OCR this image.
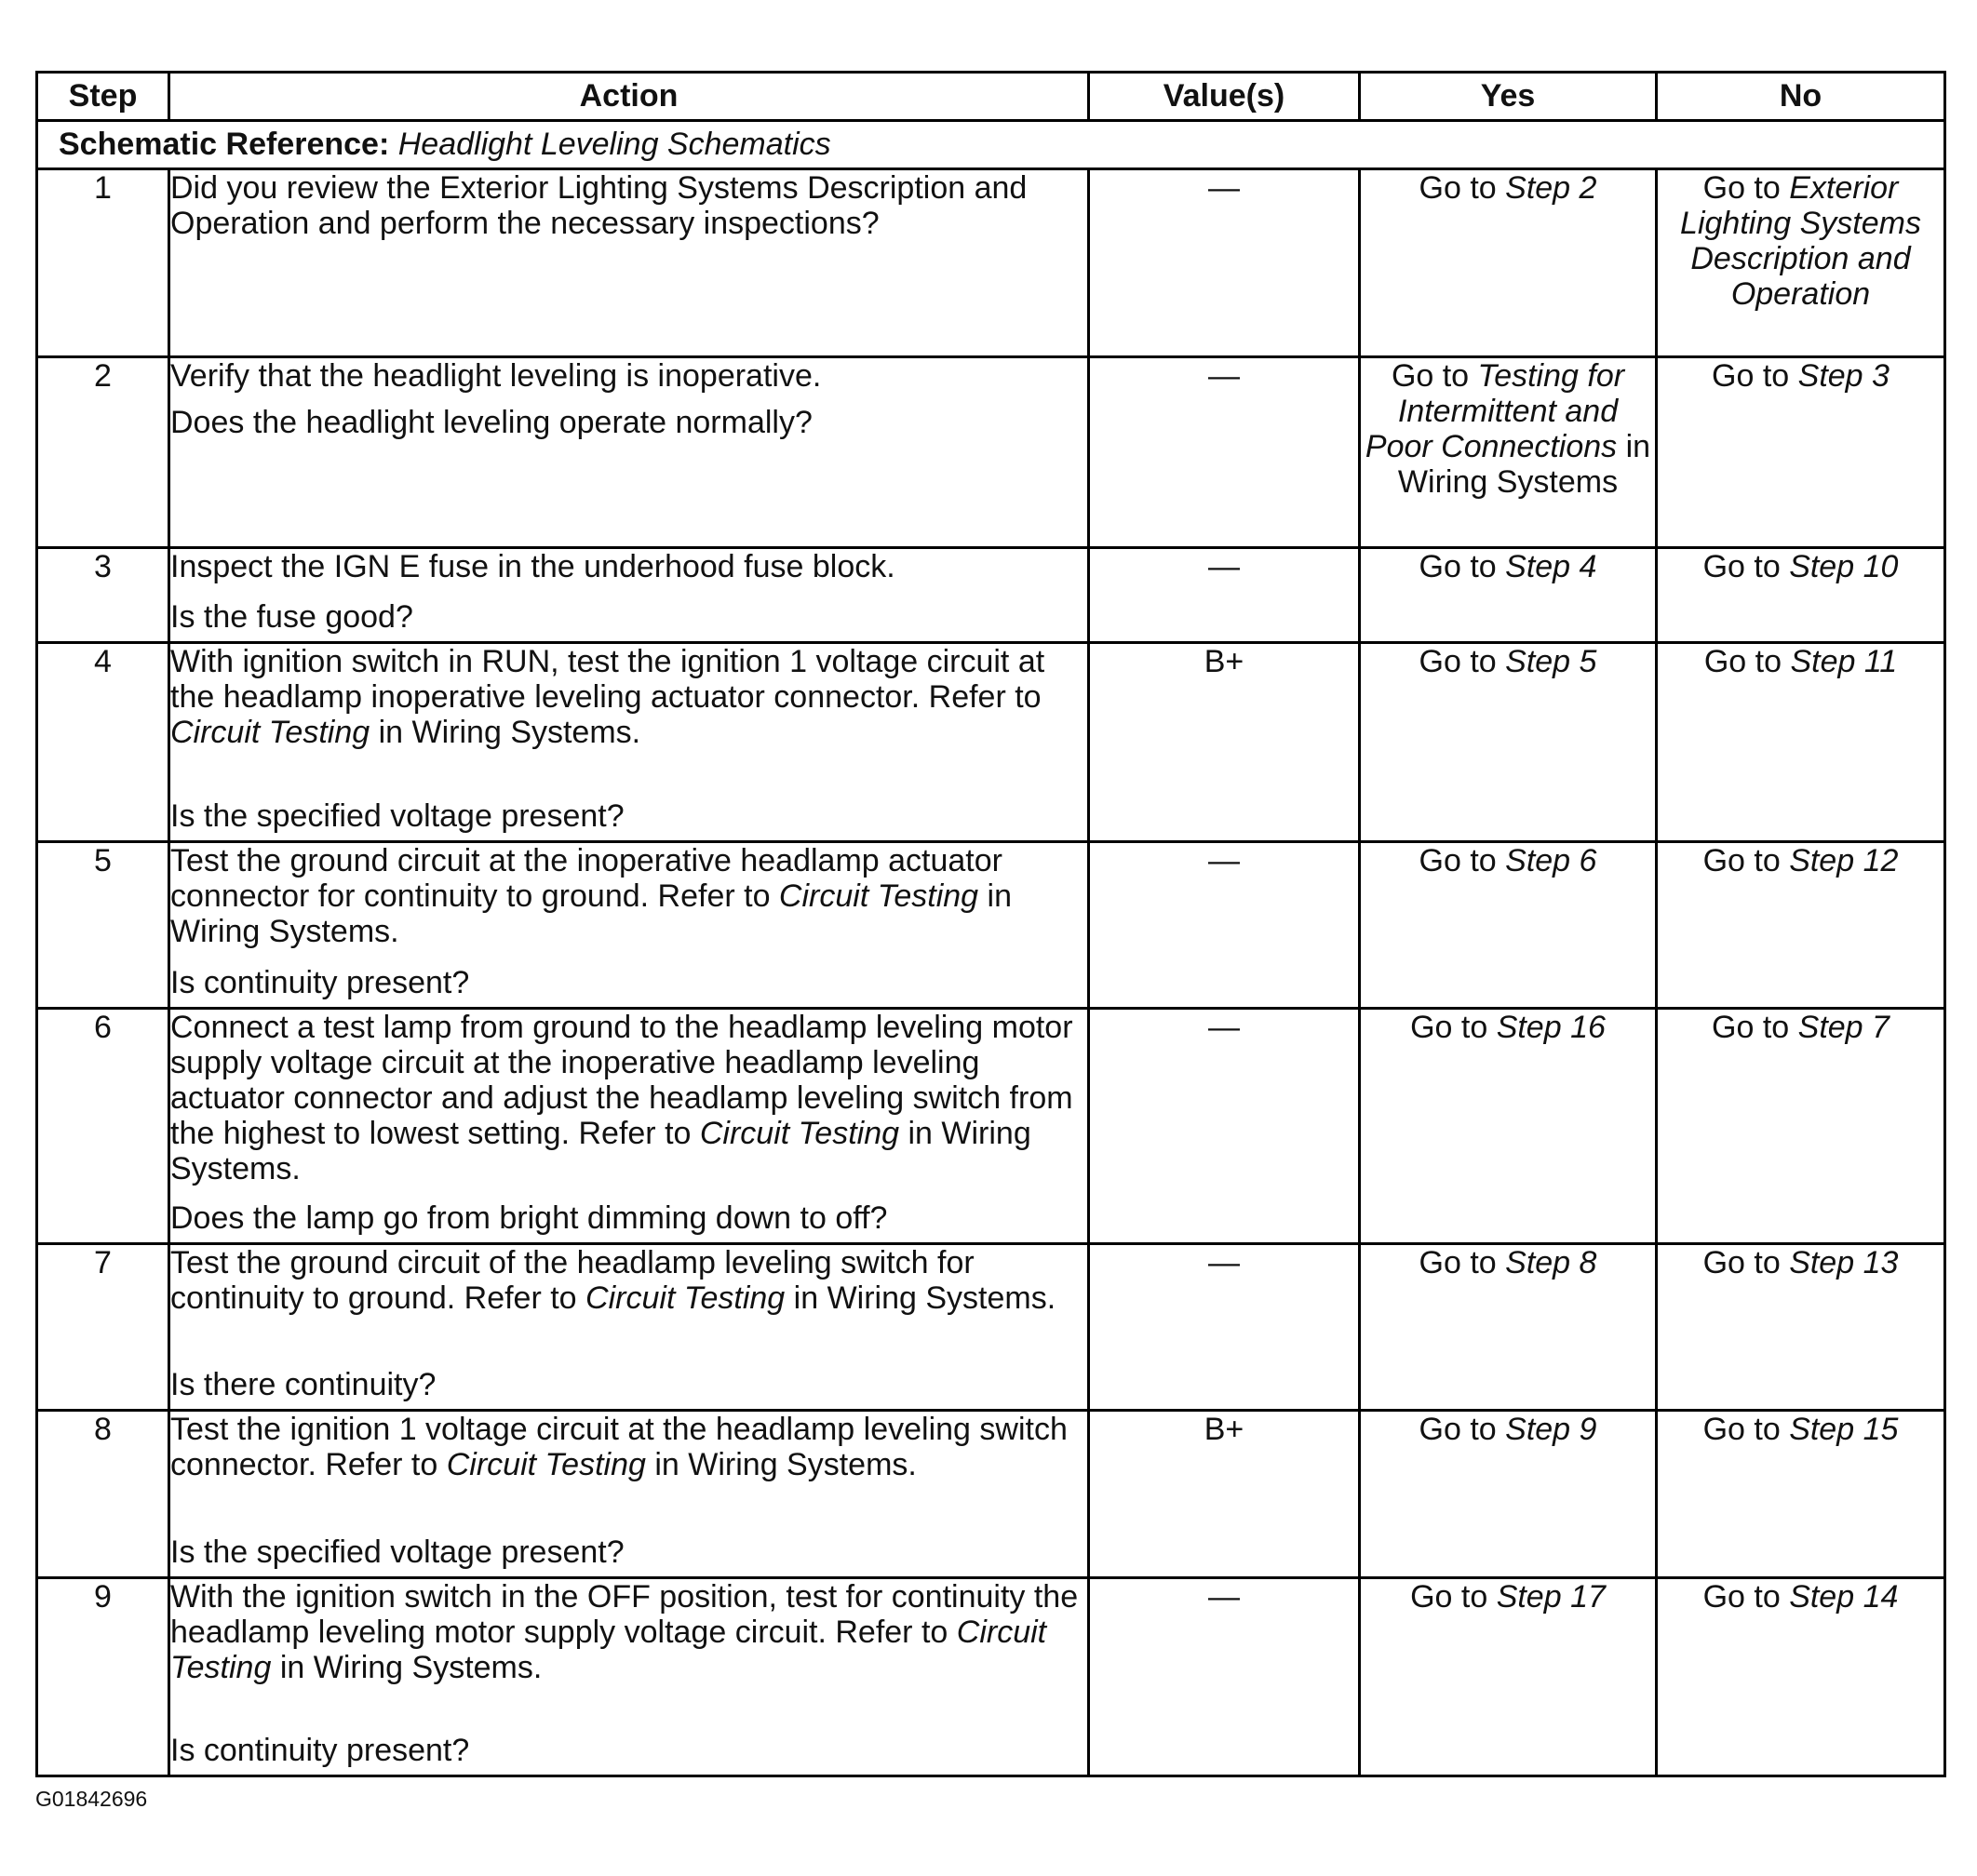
Step	Action	Value(s)	Yes	No
Schematic Reference: Headlight Leveling Schematics				
1	Did you review the Exterior Lighting Systems Description and Operation and perform the necessary inspections?	—	Go to Step 2	Go to Exterior Lighting Systems Description and Operation
2	Verify that the headlight leveling is inoperative.

Does the headlight leveling operate normally?	—	Go to Testing for Intermittent and Poor Connections in Wiring Systems	Go to Step 3
3	Inspect the IGN E fuse in the underhood fuse block.

Is the fuse good?	—	Go to Step 4	Go to Step 10
4	With ignition switch in RUN, test the ignition 1 voltage circuit at the headlamp inoperative leveling actuator connector. Refer to Circuit Testing in Wiring Systems.

Is the specified voltage present?	B+	Go to Step 5	Go to Step 11
5	Test the ground circuit at the inoperative headlamp actuator connector for continuity to ground. Refer to Circuit Testing in Wiring Systems.

Is continuity present?	—	Go to Step 6	Go to Step 12
6	Connect a test lamp from ground to the headlamp leveling motor supply voltage circuit at the inoperative headlamp leveling actuator connector and adjust the headlamp leveling switch from the highest to lowest setting. Refer to Circuit Testing in Wiring Systems.

Does the lamp go from bright dimming down to off?	—	Go to Step 16	Go to Step 7
7	Test the ground circuit of the headlamp leveling switch for continuity to ground. Refer to Circuit Testing in Wiring Systems.

Is there continuity?	—	Go to Step 8	Go to Step 13
8	Test the ignition 1 voltage circuit at the headlamp leveling switch connector. Refer to Circuit Testing in Wiring Systems.

Is the specified voltage present?	B+	Go to Step 9	Go to Step 15
9	With the ignition switch in the OFF position, test for continuity the headlamp leveling motor supply voltage circuit. Refer to Circuit Testing in Wiring Systems.

Is continuity present?	—	Go to Step 17	Go to Step 14
G01842696
